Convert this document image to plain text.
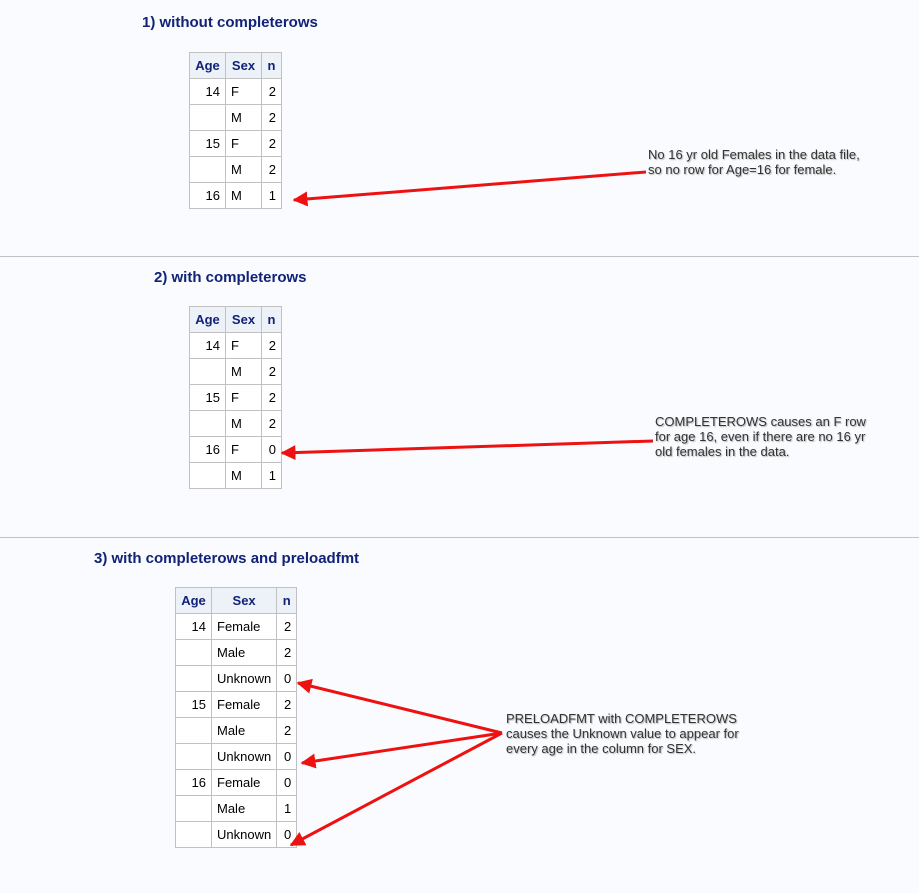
1) without completerows
Age	Sex	n
14	F	2
	M	2
15	F	2
	M	2
16	M	1

No 16 yr old Females in the data file,
so no row for Age=16 for female.

2) with completerows
Age	Sex	n
14	F	2
	M	2
15	F	2
	M	2
16	F	0
	M	1

COMPLETEROWS causes an F row
for age 16, even if there are no 16 yr
old females in the data.

3) with completerows and preloadfmt
Age	Sex	n
14	Female	2
	Male	2
	Unknown	0
15	Female	2
	Male	2
	Unknown	0
16	Female	0
	Male	1
	Unknown	0

PRELOADFMT with COMPLETEROWS
causes the Unknown value to appear for
every age in the column for SEX.
